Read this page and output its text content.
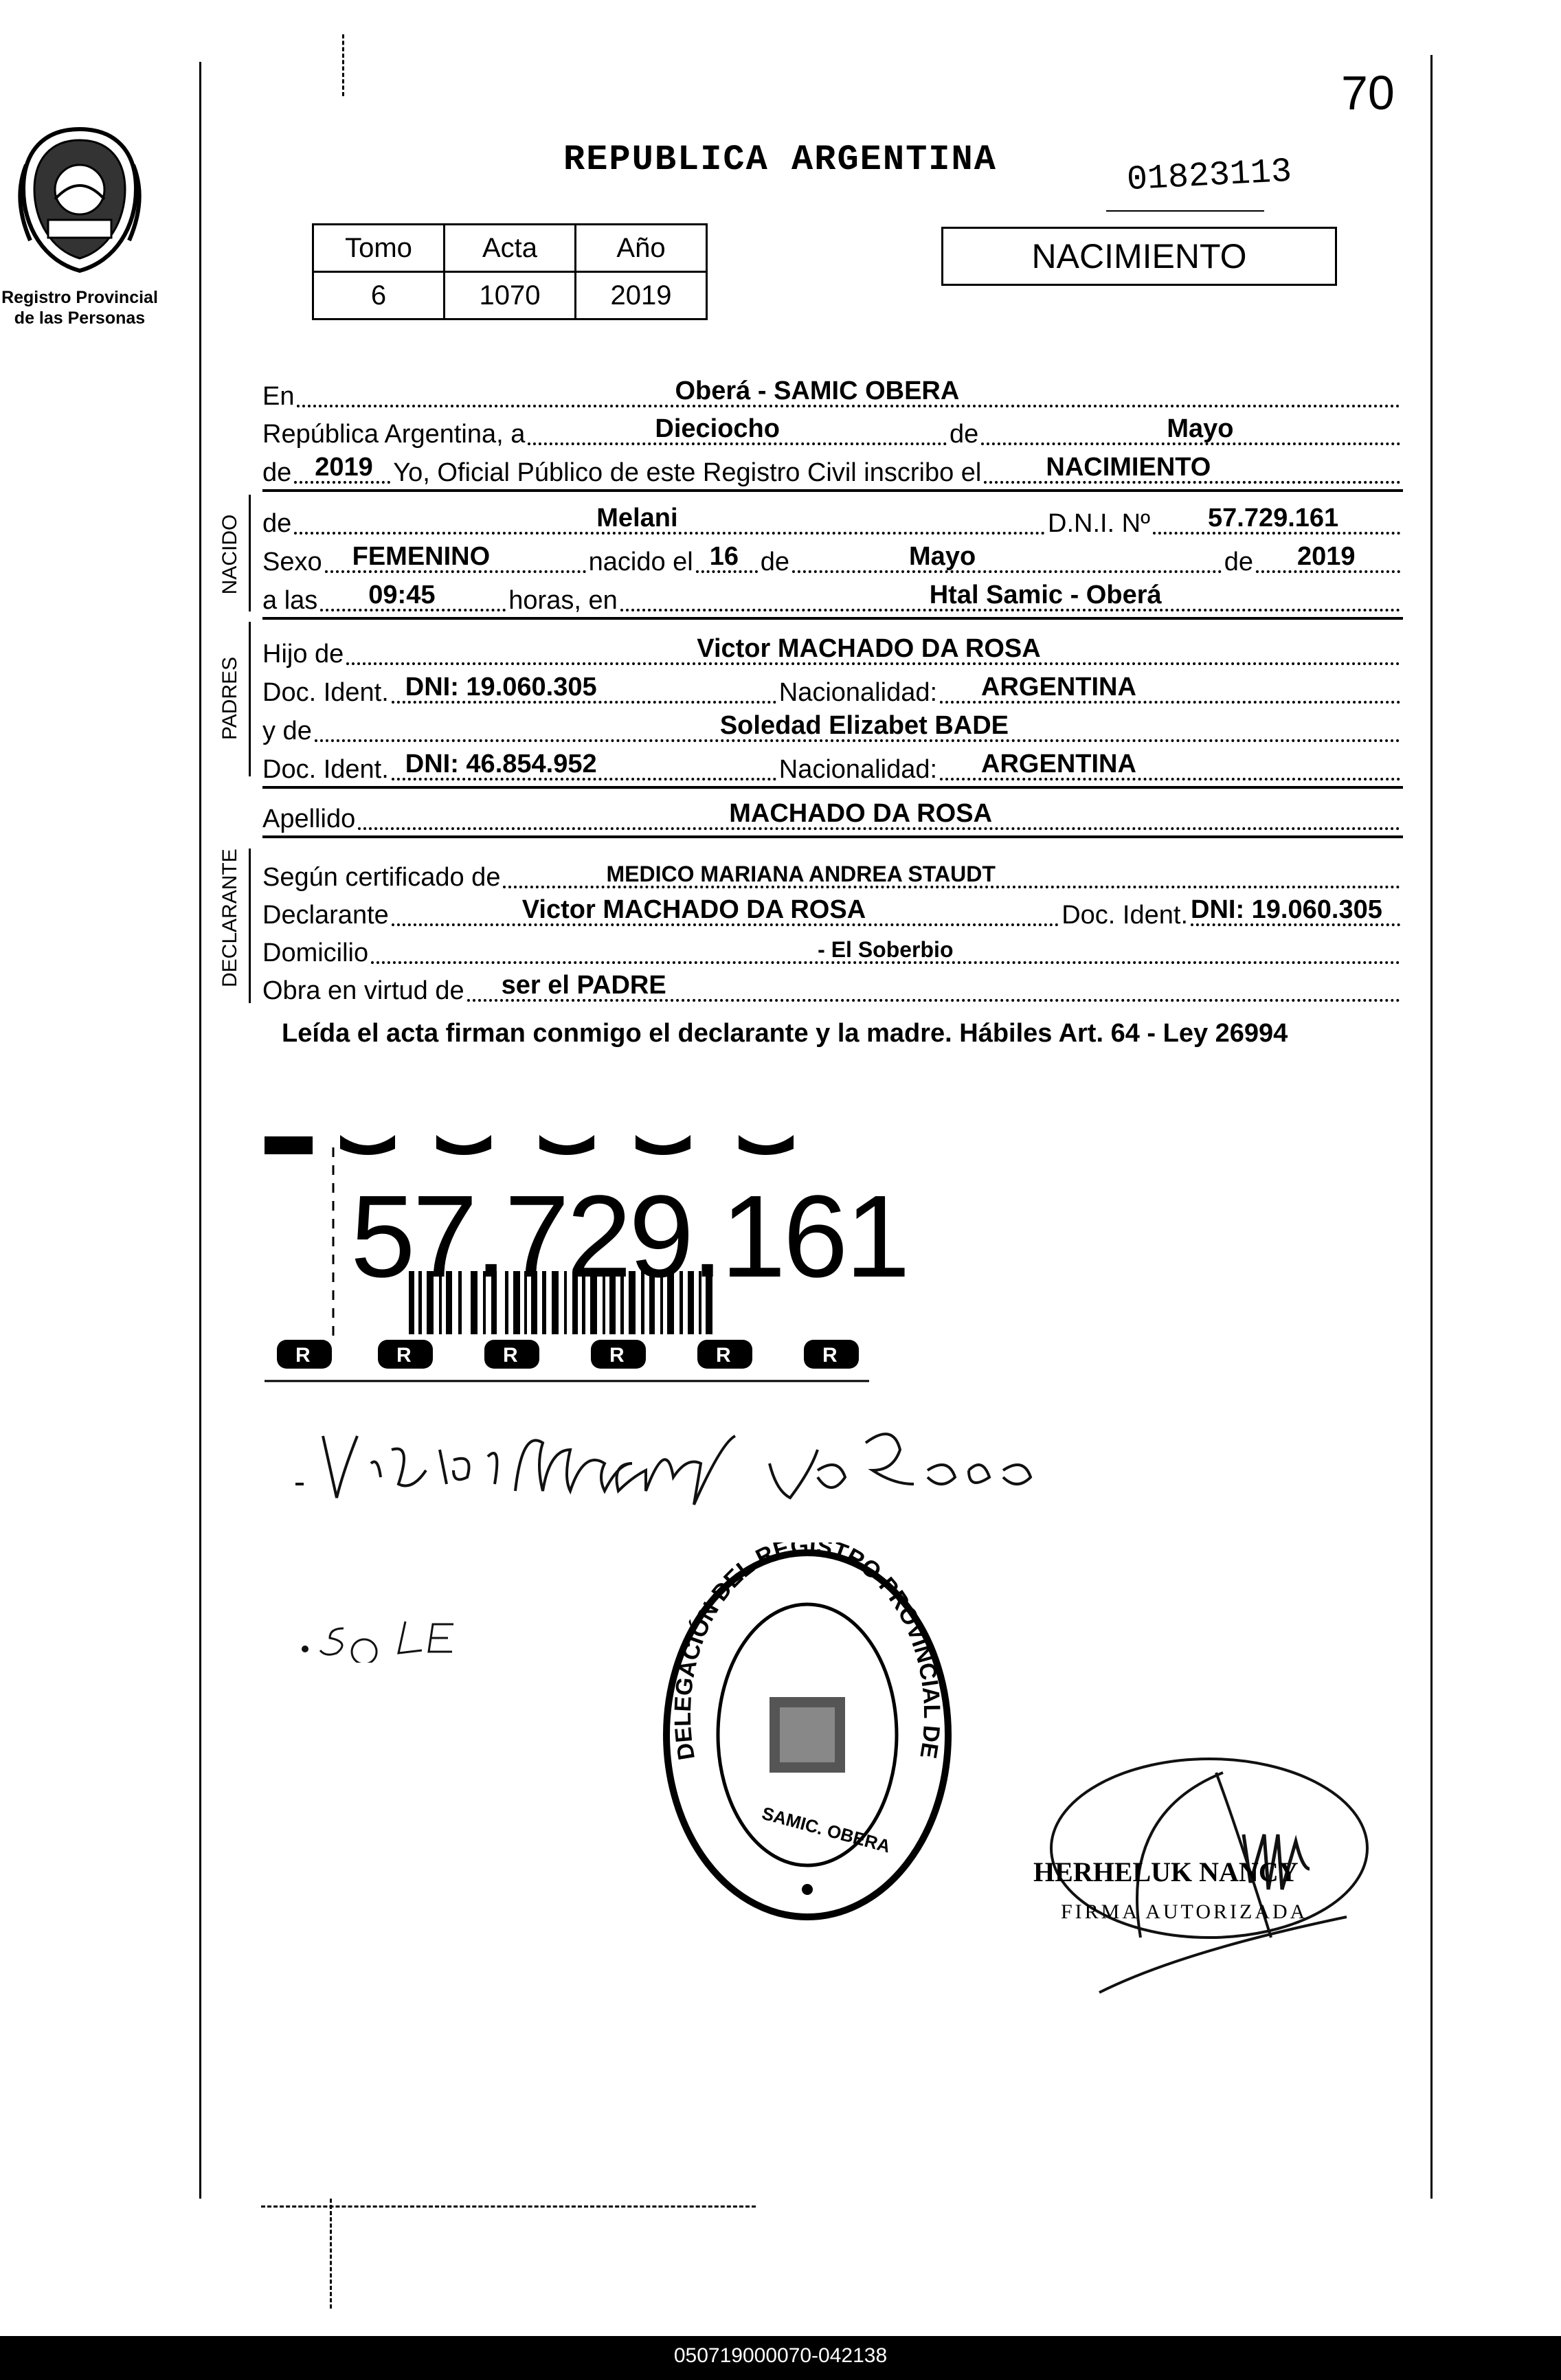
Registro Provincial
de las Personas
70
REPUBLICA ARGENTINA	01823113
NACIMIENTO
Tomo	Acta	Año
6	1070	2019
En	Oberá - SAMIC OBERA
República Argentina, a	Dieciocho	de	Mayo
de 2019 Yo, Oficial Público de este Registro Civil inscribo el NACIMIENTO
NACIDO de	Melani	D.N.I. Nº 57.729.161
Sexo FEMENINO	nacido el 16 de	Mayo	de 2019
a las 09:45	horas, en	Htal Samic - Oberá
PADRES
Hijo de	Victor MACHADO DA ROSA
Doc. Ident. DNI: 19.060.305	Nacionalidad: ARGENTINA
y de	Soledad Elizabet BADE
Doc. Ident. DNI: 46.854.952	Nacionalidad: ARGENTINA
Apellido	MACHADO DA ROSA
DECLARANTE Según certificado de	MEDICO MARIANA ANDREA STAUDT
Declarante	Victor MACHADO DA ROSA	Doc. Ident. DNI: 19.060.305
Domicilio	- El Soberbio
Obra en virtud de ser el PADRE
Leída el acta firman conmigo el declarante y la madre. Hábiles Art. 64 - Ley 26994
R	R	R	R	R	R
57.729.161
DELEGACIÓN DEL REGISTRO PROVINCIAL DE
SAMIC. OBERA
HERHELUK NANCY
FIRMA AUTORIZADA
050719000070-042138
